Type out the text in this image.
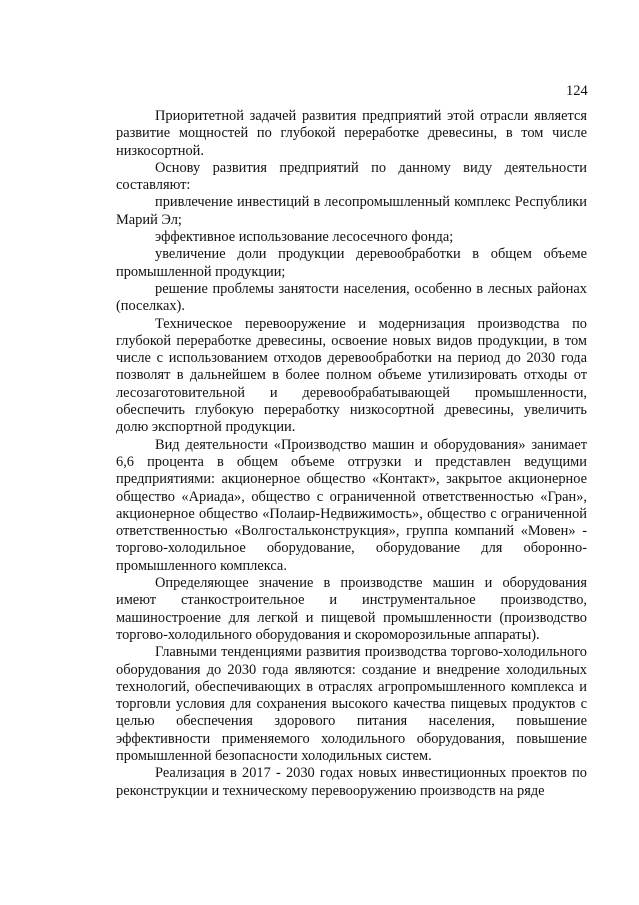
124

Приоритетной задачей развития предприятий этой отрасли является развитие мощностей по глубокой переработке древесины, в том числе низкосортной.

Основу развития предприятий по данному виду деятельности составляют:

привлечение инвестиций в лесопромышленный комплекс Республики Марий Эл;

эффективное использование лесосечного фонда;

увеличение доли продукции деревообработки в общем объеме промышленной продукции;

решение проблемы занятости населения, особенно в лесных районах (поселках).

Техническое перевооружение и модернизация производства по глубокой переработке древесины, освоение новых видов продукции, в том числе с использованием отходов деревообработки на период до 2030 года позволят в дальнейшем в более полном объеме утилизировать отходы от лесозаготовительной и деревообрабатывающей промышленности, обеспечить глубокую переработку низкосортной древесины, увеличить долю экспортной продукции.

Вид деятельности «Производство машин и оборудования» занимает 6,6 процента в общем объеме отгрузки и представлен ведущими предприятиями: акционерное общество «Контакт», закрытое акционерное общество «Ариада», общество с ограниченной ответственностью «Гран», акционерное общество «Полаир-Недвижимость», общество с ограниченной ответственностью «Волгостальконструкция», группа компаний «Мовен» - торгово-холодильное оборудование, оборудование для оборонно-промышленного комплекса.

Определяющее значение в производстве машин и оборудования имеют станкостроительное и инструментальное производство, машиностроение для легкой и пищевой промышленности (производство торгово-холодильного оборудования и скороморозильные аппараты).

Главными тенденциями развития производства торгово-холодильного оборудования до 2030 года являются: создание и внедрение холодильных технологий, обеспечивающих в отраслях агропромышленного комплекса и торговли условия для сохранения высокого качества пищевых продуктов с целью обеспечения здорового питания населения, повышение эффективности применяемого холодильного оборудования, повышение промышленной безопасности холодильных систем.

Реализация в 2017 - 2030 годах новых инвестиционных проектов по реконструкции и техническому перевооружению производств на ряде
